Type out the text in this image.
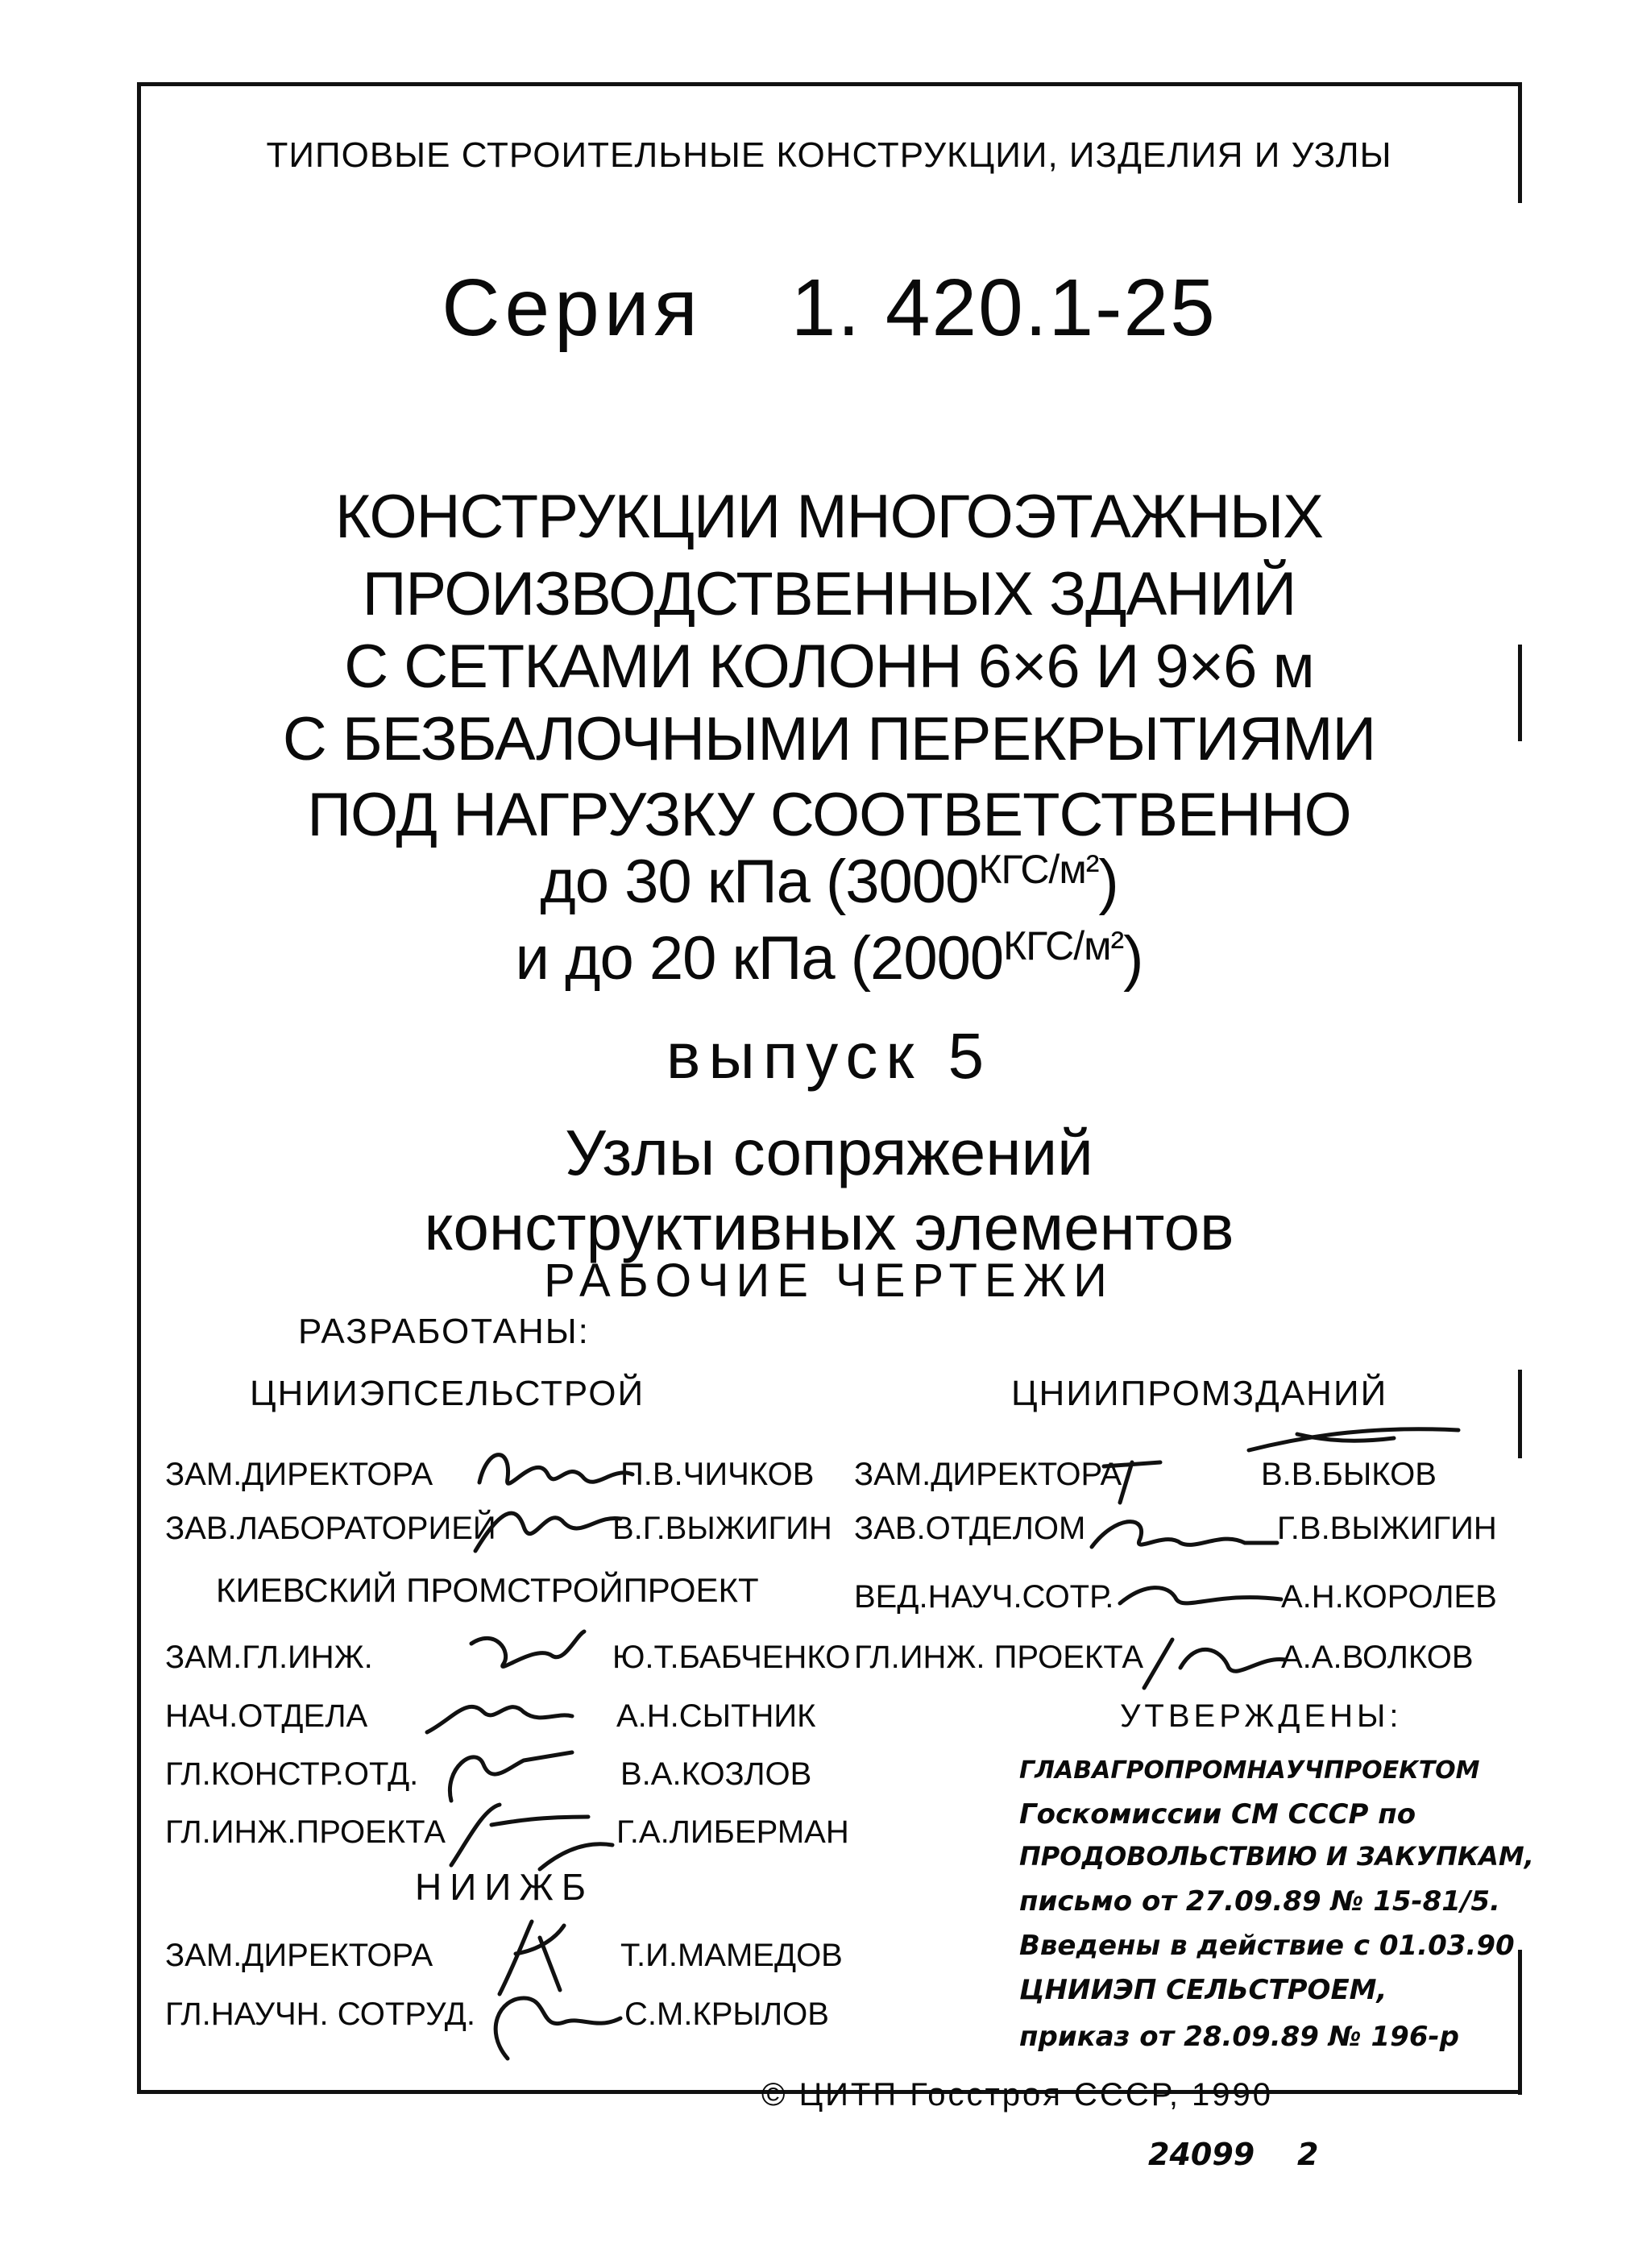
ТИПОВЫЕ СТРОИТЕЛЬНЫЕ КОНСТРУКЦИИ, ИЗДЕЛИЯ И УЗЛЫ
Серия 1. 420.1-25
КОНСТРУКЦИИ МНОГОЭТАЖНЫХ
ПРОИЗВОДСТВЕННЫХ ЗДАНИЙ
С СЕТКАМИ КОЛОНН 6×6 И 9×6 м
С БЕЗБАЛОЧНЫМИ ПЕРЕКРЫТИЯМИ
ПОД НАГРУЗКУ СООТВЕТСТВЕННО
до 30 кПа $(3000^{КГС/м^2})$
и до 20 кПа $(2000^{КГС/м^2})$
выпуск 5
Узлы сопряжений
конструктивных элементов
РАБОЧИЕ ЧЕРТЕЖИ
РАЗРАБОТАНЫ:
ЦНИИЭПСЕЛЬСТРОЙ
ЗАМ.ДИРЕКТОРА	П.В.ЧИЧКОВ
ЗАВ.ЛАБОРАТОРИЕЙ	В.Г.ВЫЖИГИН
КИЕВСКИЙ ПРОМСТРОЙПРОЕКТ
ЗАМ.ГЛ.ИНЖ.	Ю.Т.БАБЧЕНКО
НАЧ.ОТДЕЛА	А.Н.СЫТНИК
ГЛ.КОНСТР.ОТД.	В.А.КОЗЛОВ
ГЛ.ИНЖ.ПРОЕКТА	Г.А.ЛИБЕРМАН
НИИЖБ
ЗАМ.ДИРЕКТОРА	Т.И.МАМЕДОВ
ГЛ.НАУЧН. СОТРУД.	С.М.КРЫЛОВ
ЦНИИПРОМЗДАНИЙ
ЗАМ.ДИРЕКТОРА	В.В.БЫКОВ
ЗАВ.ОТДЕЛОМ	Г.В.ВЫЖИГИН
ВЕД.НАУЧ.СОТР.	А.Н.КОРОЛЕВ
ГЛ.ИНЖ. ПРОЕКТА	А.А.ВОЛКОВ
УТВЕРЖДЕНЫ:
ГЛАВАГРОПРОМНАУЧПРОЕКТОМ
Госкомиссии СМ СССР по
ПРОДОВОЛЬСТВИЮ И ЗАКУПКАМ,
письмо от 27.09.89 № 15-81/5.
Введены в действие с 01.03.90
ЦНИИЭП СЕЛЬСТРОЕМ,
приказ от 28.09.89 № 196-р
© ЦИТП Госстроя СССР, 1990
24099 2
